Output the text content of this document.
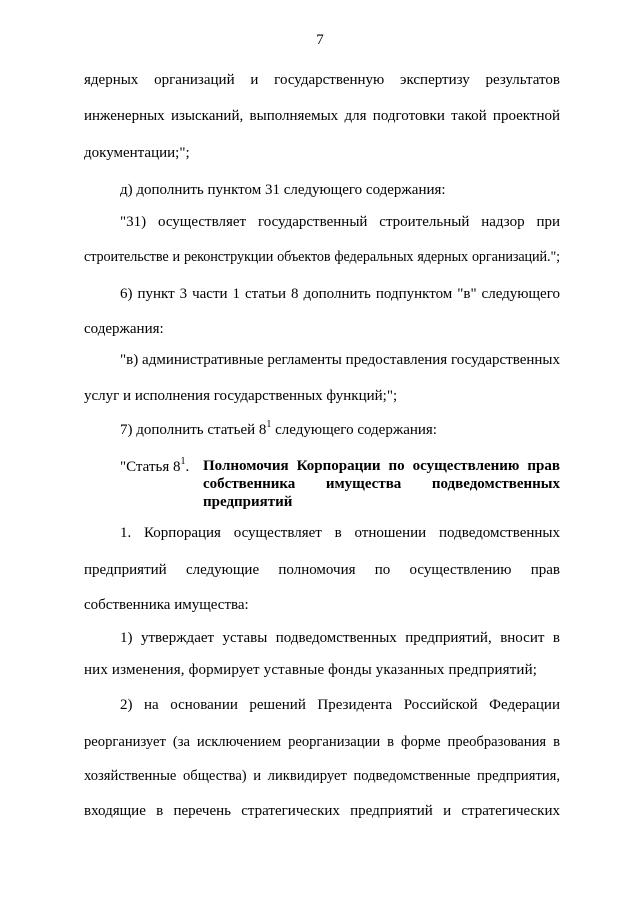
7
ядерных организаций и государственную экспертизу результатов
инженерных изысканий, выполняемых для подготовки такой проектной
документации;";
д) дополнить пунктом 31 следующего содержания:
"31) осуществляет государственный строительный надзор при
строительстве и реконструкции объектов федеральных ядерных организаций.";
6) пункт 3 части 1 статьи 8 дополнить подпунктом "в" следующего
содержания:
"в) административные регламенты предоставления государственных
услуг и исполнения государственных функций;";
7) дополнить статьей $8^1$ следующего содержания:
"Статья $8^1$. Полномочия Корпорации по осуществлению прав
собственника имущества подведомственных
предприятий
1. Корпорация осуществляет в отношении подведомственных
предприятий следующие полномочия по осуществлению прав
собственника имущества:
1) утверждает уставы подведомственных предприятий, вносит в
них изменения, формирует уставные фонды указанных предприятий;
2) на основании решений Президента Российской Федерации
реорганизует (за исключением реорганизации в форме преобразования в
хозяйственные общества) и ликвидирует подведомственные предприятия,
входящие в перечень стратегических предприятий и стратегических
